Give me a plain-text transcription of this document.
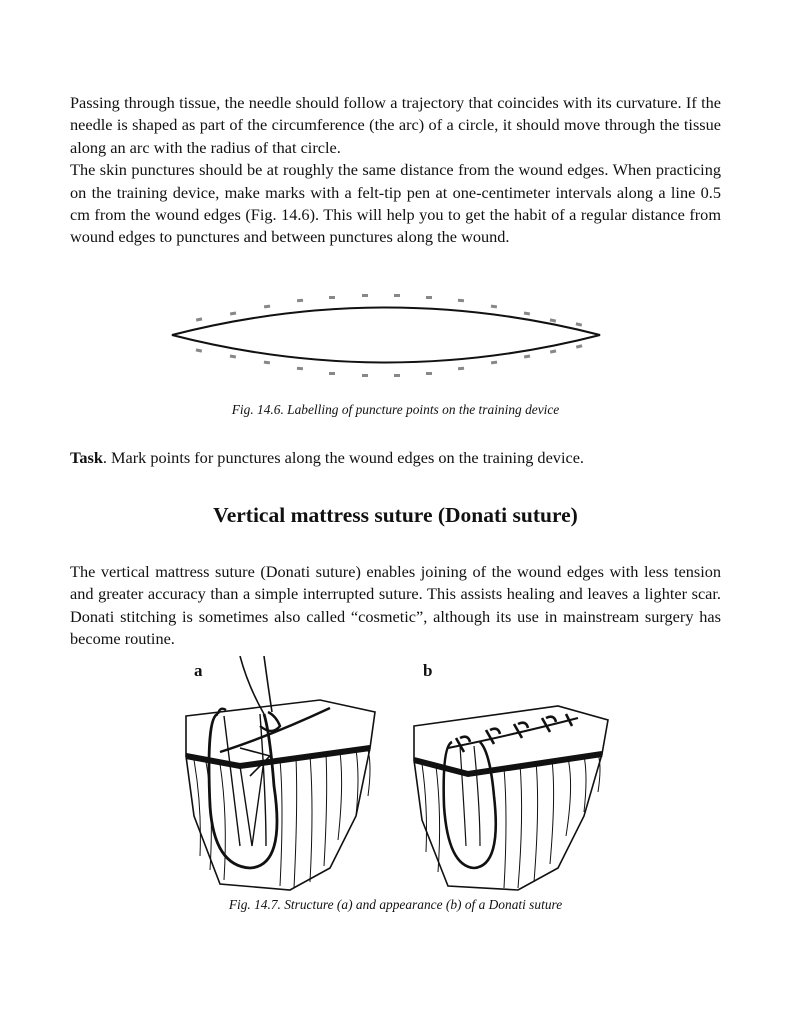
Passing through tissue, the needle should follow a trajectory that coincides with its curvature. If the needle is shaped as part of the circumference (the arc) of a circle, it should move through the tissue along an arc with the radius of that circle.

The skin punctures should be at roughly the same distance from the wound edges. When practicing on the training device, make marks with a felt-tip pen at one-centimeter intervals along a line 0.5 cm from the wound edges (Fig. 14.6). This will help you to get the habit of a regular distance from wound edges to punctures and between punctures along the wound.

Fig. 14.6. Labelling of puncture points on the training device
Task. Mark points for punctures along the wound edges on the training device.
Vertical mattress suture (Donati suture)

The vertical mattress suture (Donati suture) enables joining of the wound edges with less tension and greater accuracy than a simple interrupted suture. This assists healing and leaves a lighter scar. Donati stitching is sometimes also called “cosmetic”, although its use in mainstream surgery has become routine.

a	b
Fig. 14.7. Structure (a) and appearance (b) of a Donati suture
